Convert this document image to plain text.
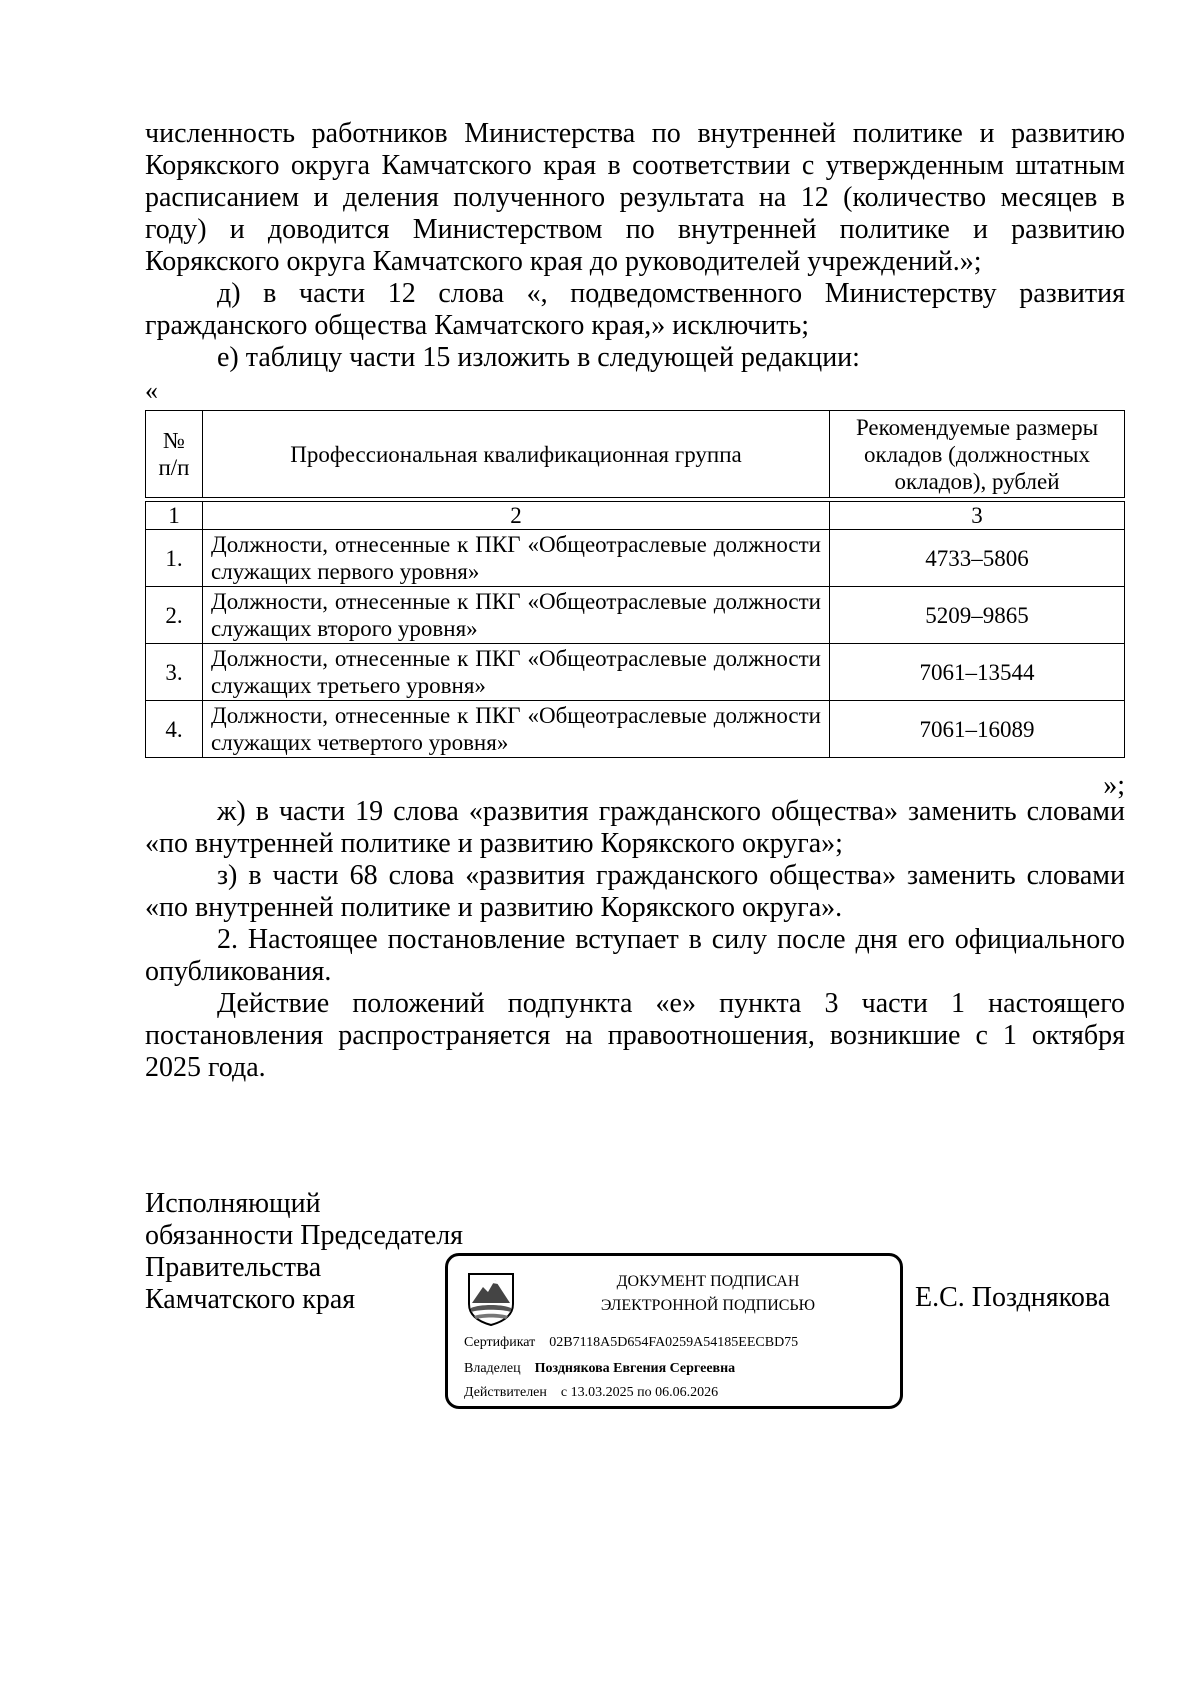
численность работников Министерства по внутренней политике и развитию Корякского округа Камчатского края в соответствии с утвержденным штатным расписанием и деления полученного результата на 12 (количество месяцев в году) и доводится Министерством по внутренней политике и развитию Корякского округа Камчатского края до руководителей учреждений.»;

д) в части 12 слова «, подведомственного Министерству развития гражданского общества Камчатского края,» исключить;

е) таблицу части 15 изложить в следующей редакции:

«
№ п/п	Профессиональная квалификационная группа	Рекомендуемые размеры окладов (должностных окладов), рублей

1	2	3
1.	Должности, отнесенные к ПКГ «Общеотраслевые должности служащих первого уровня»	4733–5806
2.	Должности, отнесенные к ПКГ «Общеотраслевые должности служащих второго уровня»	5209–9865
3.	Должности, отнесенные к ПКГ «Общеотраслевые должности служащих третьего уровня»	7061–13544
4.	Должности, отнесенные к ПКГ «Общеотраслевые должности служащих четвертого уровня»	7061–16089
»;

ж) в части 19 слова «развития гражданского общества» заменить словами «по внутренней политике и развитию Корякского округа»;

з) в части 68 слова «развития гражданского общества» заменить словами «по внутренней политике и развитию Корякского округа».

2. Настоящее постановление вступает в силу после дня его официального опубликования.

Действие положений подпункта «е» пункта 3 части 1 настоящего постановления распространяется на правоотношения, возникшие с 1 октября 2025 года.

Исполняющий
обязанности Председателя
Правительства
Камчатского края
ДОКУМЕНТ ПОДПИСАН
ЭЛЕКТРОННОЙ ПОДПИСЬЮ
Сертификат 02B7118A5D654FA0259A54185EECBD75
Владелец Позднякова Евгения Сергеевна
Действителен с 13.03.2025 по 06.06.2026
Е.С. Позднякова
